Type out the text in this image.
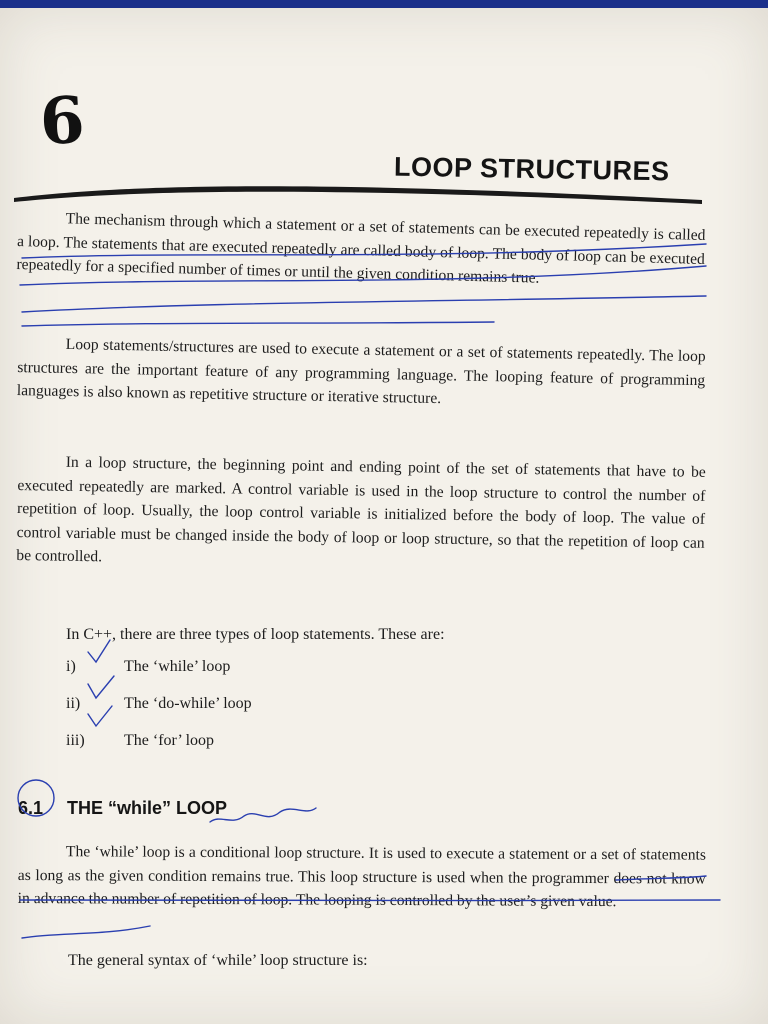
6
LOOP STRUCTURES

The mechanism through which a statement or a set of statements can be executed repeatedly is called a loop. The statements that are executed repeatedly are called body of loop. The body of loop can be executed repeatedly for a specified number of times or until the given condition remains true.

Loop statements/structures are used to execute a statement or a set of statements repeatedly. The loop structures are the important feature of any programming language. The looping feature of programming languages is also known as repetitive structure or iterative structure.

In a loop structure, the beginning point and ending point of the set of statements that have to be executed repeatedly are marked. A control variable is used in the loop structure to control the number of repetition of loop. Usually, the loop control variable is initialized before the body of loop. The value of control variable must be changed inside the body of loop or loop structure, so that the repetition of loop can be controlled.

In C++, there are three types of loop statements. These are:
i)	The ‘while’ loop
ii)	The ‘do-while’ loop
iii)	The ‘for’ loop
6.1 THE “while” LOOP

The ‘while’ loop is a conditional loop structure. It is used to execute a statement or a set of statements as long as the given condition remains true. This loop structure is used when the programmer does not know in advance the number of repetition of loop. The looping is controlled by the user’s given value.

The general syntax of ‘while’ loop structure is:
